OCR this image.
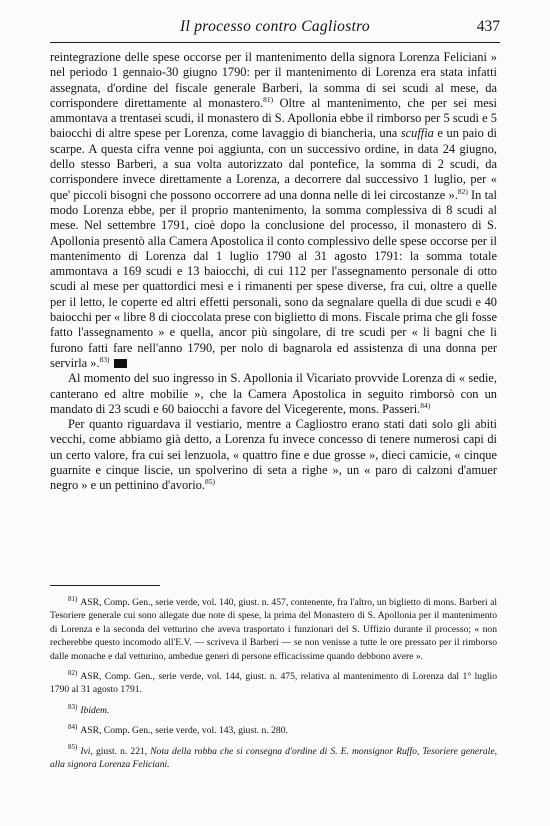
Il processo contro Cagliostro	437

reintegrazione delle spese occorse per il mantenimento della signora Lorenza Feliciani » nel periodo 1 gennaio-30 giugno 1790: per il mantenimento di Lorenza era stata infatti assegnata, d'ordine del fiscale generale Barberi, la somma di sei scudi al mese, da corrispondere direttamente al monastero.$^{81)}$ Oltre al mantenimento, che per sei mesi ammontava a trentasei scudi, il monastero di S. Apollonia ebbe il rimborso per 5 scudi e 5 baiocchi di altre spese per Lorenza, come lavaggio di biancheria, una scuffia e un paio di scarpe. A questa cifra venne poi aggiunta, con un successivo ordine, in data 24 giugno, dello stesso Barberi, a sua volta autorizzato dal pontefice, la somma di 2 scudi, da corrispondere invece direttamente a Lorenza, a decorrere dal successivo 1 luglio, per « que' piccoli bisogni che possono occorrere ad una donna nelle di lei circostanze ».$^{82)}$ In tal modo Lorenza ebbe, per il proprio mantenimento, la somma complessiva di 8 scudi al mese. Nel settembre 1791, cioè dopo la conclusione del processo, il monastero di S. Apollonia presentò alla Camera Apostolica il conto complessivo delle spese occorse per il mantenimento di Lorenza dal 1 luglio 1790 al 31 agosto 1791: la somma totale ammontava a 169 scudi e 13 baiocchi, di cui 112 per l'assegnamento personale di otto scudi al mese per quattordici mesi e i rimanenti per spese diverse, fra cui, oltre a quelle per il letto, le coperte ed altri effetti personali, sono da segnalare quella di due scudi e 40 baiocchi per « libre 8 di cioccolata prese con biglietto di mons. Fiscale prima che gli fosse fatto l'assegnamento » e quella, ancor più singolare, di tre scudi per « li bagni che li furono fatti fare nell'anno 1790, per nolo di bagnarola ed assistenza di una donna per servirla ».$^{83)}$

Al momento del suo ingresso in S. Apollonia il Vicariato provvide Lorenza di « sedie, canterano ed altre mobilie », che la Camera Apostolica in seguito rimborsò con un mandato di 23 scudi e 60 baiocchi a favore del Vicegerente, mons. Passeri.$^{84)}$

Per quanto riguardava il vestiario, mentre a Cagliostro erano stati dati solo gli abiti vecchi, come abbiamo già detto, a Lorenza fu invece concesso di tenere numerosi capi di un certo valore, fra cui sei lenzuola, « quattro fine e due grosse », dieci camicie, « cinque guarnite e cinque liscie, un spolverino di seta a righe », un « paro di calzoni d'amuer negro » e un pettinino d'avorio.$^{85)}$

$^{81)}$ ASR, Comp. Gen., serie verde, vol. 140, giust. n. 457, contenente, fra l'altro, un biglietto di mons. Barberi al Tesoriere generale cui sono allegate due note di spese, la prima del Monastero di S. Apollonia per il mantenimento di Lorenza e la seconda del vetturino che aveva trasportato i funzionari del S. Uffizio durante il processo; « non recherebbe questo incomodo all'E.V. — scriveva il Barberi — se non venisse a tutte le ore pressato per il rimborso dalle monache e dal vetturino, ambedue generi di persone efficacissime quando debbono avere ».

$^{82)}$ ASR, Comp. Gen., serie verde, vol. 144, giust. n. 475, relativa al mantenimento di Lorenza dal 1° luglio 1790 al 31 agosto 1791.

$^{83)}$ Ibidem.

$^{84)}$ ASR, Comp. Gen., serie verde, vol. 143, giust. n. 280.

$^{85)}$ Ivi, giust. n. 221, Nota della robba che si consegna d'ordine di S. E. monsignor Ruffo, Tesoriere generale, alla signora Lorenza Feliciani.
